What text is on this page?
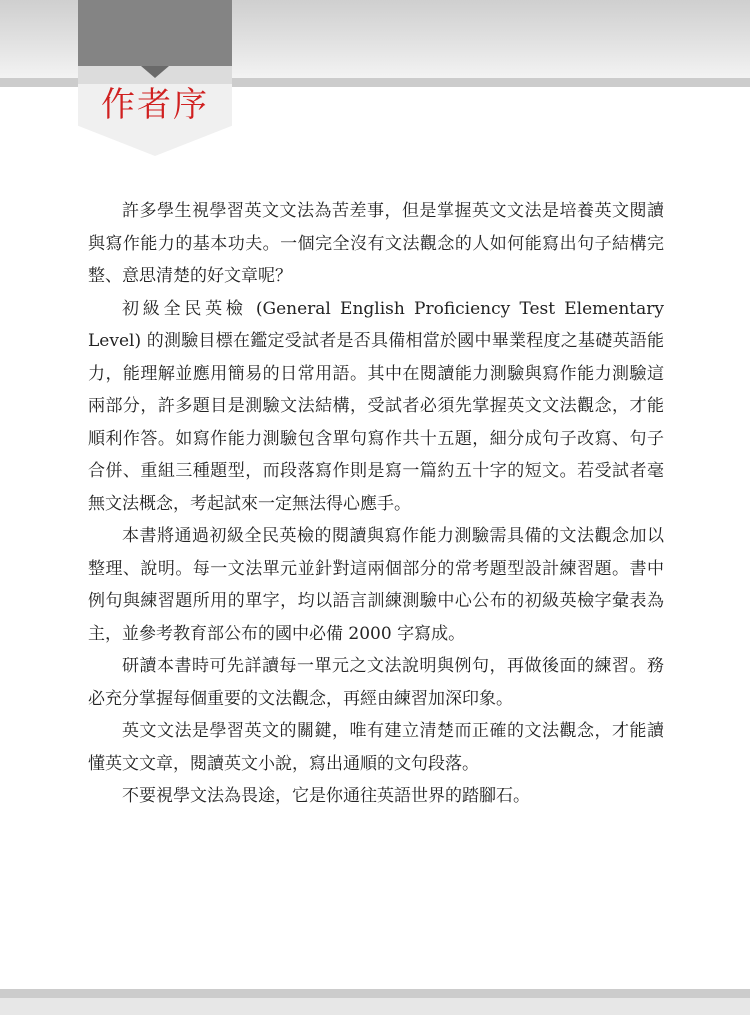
作者序

許多學生視學習英文文法為苦差事，但是掌握英文文法是培養英文閱讀與寫作能力的基本功夫。一個完全沒有文法觀念的人如何能寫出句子結構完整、意思清楚的好文章呢？

初級全民英檢 (General English Proficiency Test Elementary Level) 的測驗目標在鑑定受試者是否具備相當於國中畢業程度之基礎英語能力，能理解並應用簡易的日常用語。其中在閱讀能力測驗與寫作能力測驗這兩部分，許多題目是測驗文法結構，受試者必須先掌握英文文法觀念，才能順利作答。如寫作能力測驗包含單句寫作共十五題，細分成句子改寫、句子合併、重組三種題型，而段落寫作則是寫一篇約五十字的短文。若受試者毫無文法概念，考起試來一定無法得心應手。

本書將通過初級全民英檢的閱讀與寫作能力測驗需具備的文法觀念加以整理、說明。每一文法單元並針對這兩個部分的常考題型設計練習題。書中例句與練習題所用的單字，均以語言訓練測驗中心公布的初級英檢字彙表為主，並參考教育部公布的國中必備 2000 字寫成。

研讀本書時可先詳讀每一單元之文法說明與例句，再做後面的練習。務必充分掌握每個重要的文法觀念，再經由練習加深印象。

英文文法是學習英文的關鍵，唯有建立清楚而正確的文法觀念，才能讀懂英文文章，閱讀英文小說，寫出通順的文句段落。

不要視學文法為畏途，它是你通往英語世界的踏腳石。
